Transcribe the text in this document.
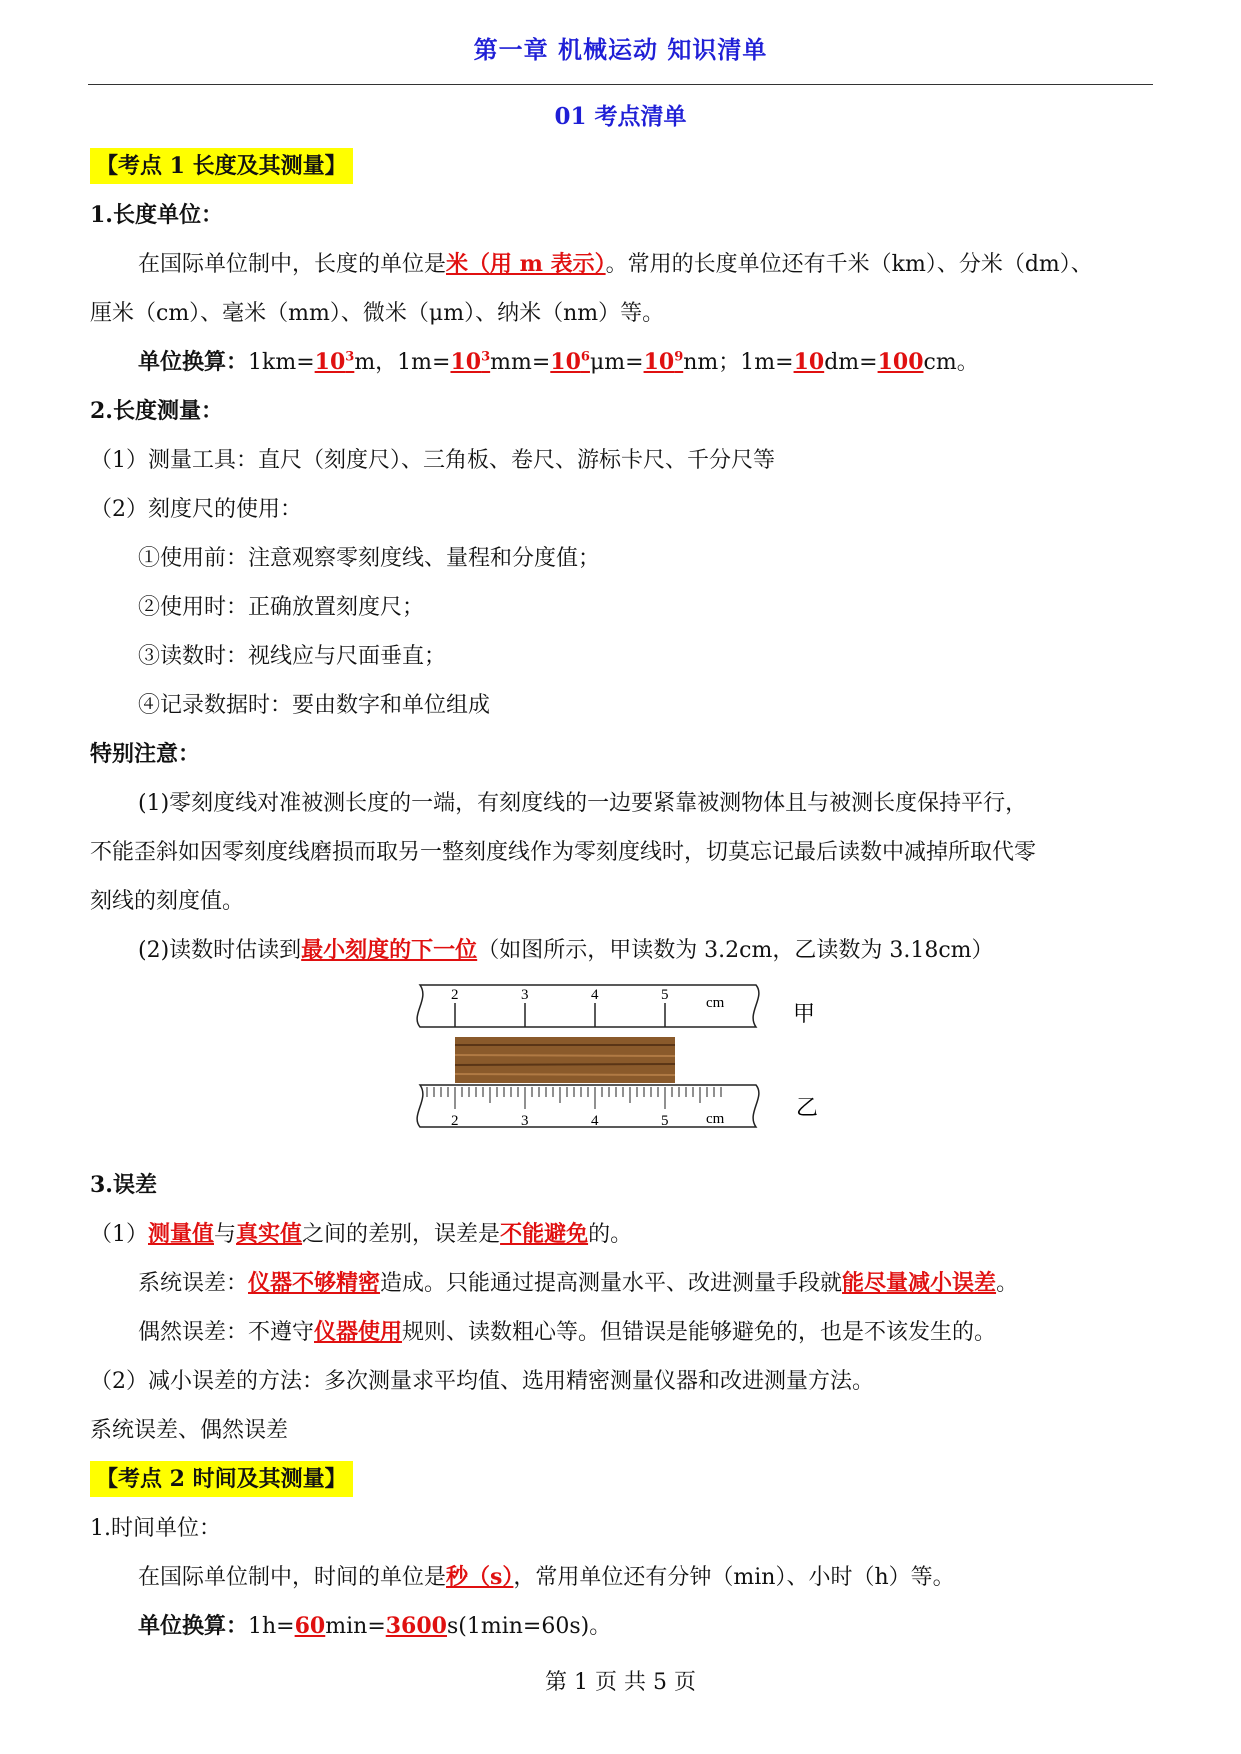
第一章 机械运动 知识清单
01 考点清单
【考点 1 长度及其测量】
1.长度单位：
在国际单位制中，长度的单位是米（用 m 表示）。常用的长度单位还有千米（km）、分米（dm）、
厘米（cm）、毫米（mm）、微米（μm）、纳米（nm）等。
单位换算：$1km=10^3m$，$1m=10^3mm=10^6\mu m=10^9nm$；1m=10dm=100cm。
2.长度测量：
（1）测量工具：直尺（刻度尺）、三角板、卷尺、游标卡尺、千分尺等
（2）刻度尺的使用：
①使用前：注意观察零刻度线、量程和分度值；
②使用时：正确放置刻度尺；
③读数时：视线应与尺面垂直；
④记录数据时：要由数字和单位组成
特别注意：
(1)零刻度线对准被测长度的一端，有刻度线的一边要紧靠被测物体且与被测长度保持平行，
不能歪斜如因零刻度线磨损而取另一整刻度线作为零刻度线时，切莫忘记最后读数中减掉所取代零
刻线的刻度值。
(2)读数时估读到最小刻度的下一位（如图所示，甲读数为 3.2cm，乙读数为 3.18cm）
2	3	4	5	cm	甲
2	3	4	5	cm	乙
3.误差
（1）测量值与真实值之间的差别，误差是不能避免的。
系统误差：仪器不够精密造成。只能通过提高测量水平、改进测量手段就能尽量减小误差。
偶然误差：不遵守仪器使用规则、读数粗心等。但错误是能够避免的，也是不该发生的。
（2）减小误差的方法：多次测量求平均值、选用精密测量仪器和改进测量方法。
系统误差、偶然误差
【考点 2 时间及其测量】
1.时间单位：
在国际单位制中，时间的单位是秒（s），常用单位还有分钟（min）、小时（h）等。
单位换算：1h=60min=3600s(1min=60s)。
第 1 页 共 5 页
